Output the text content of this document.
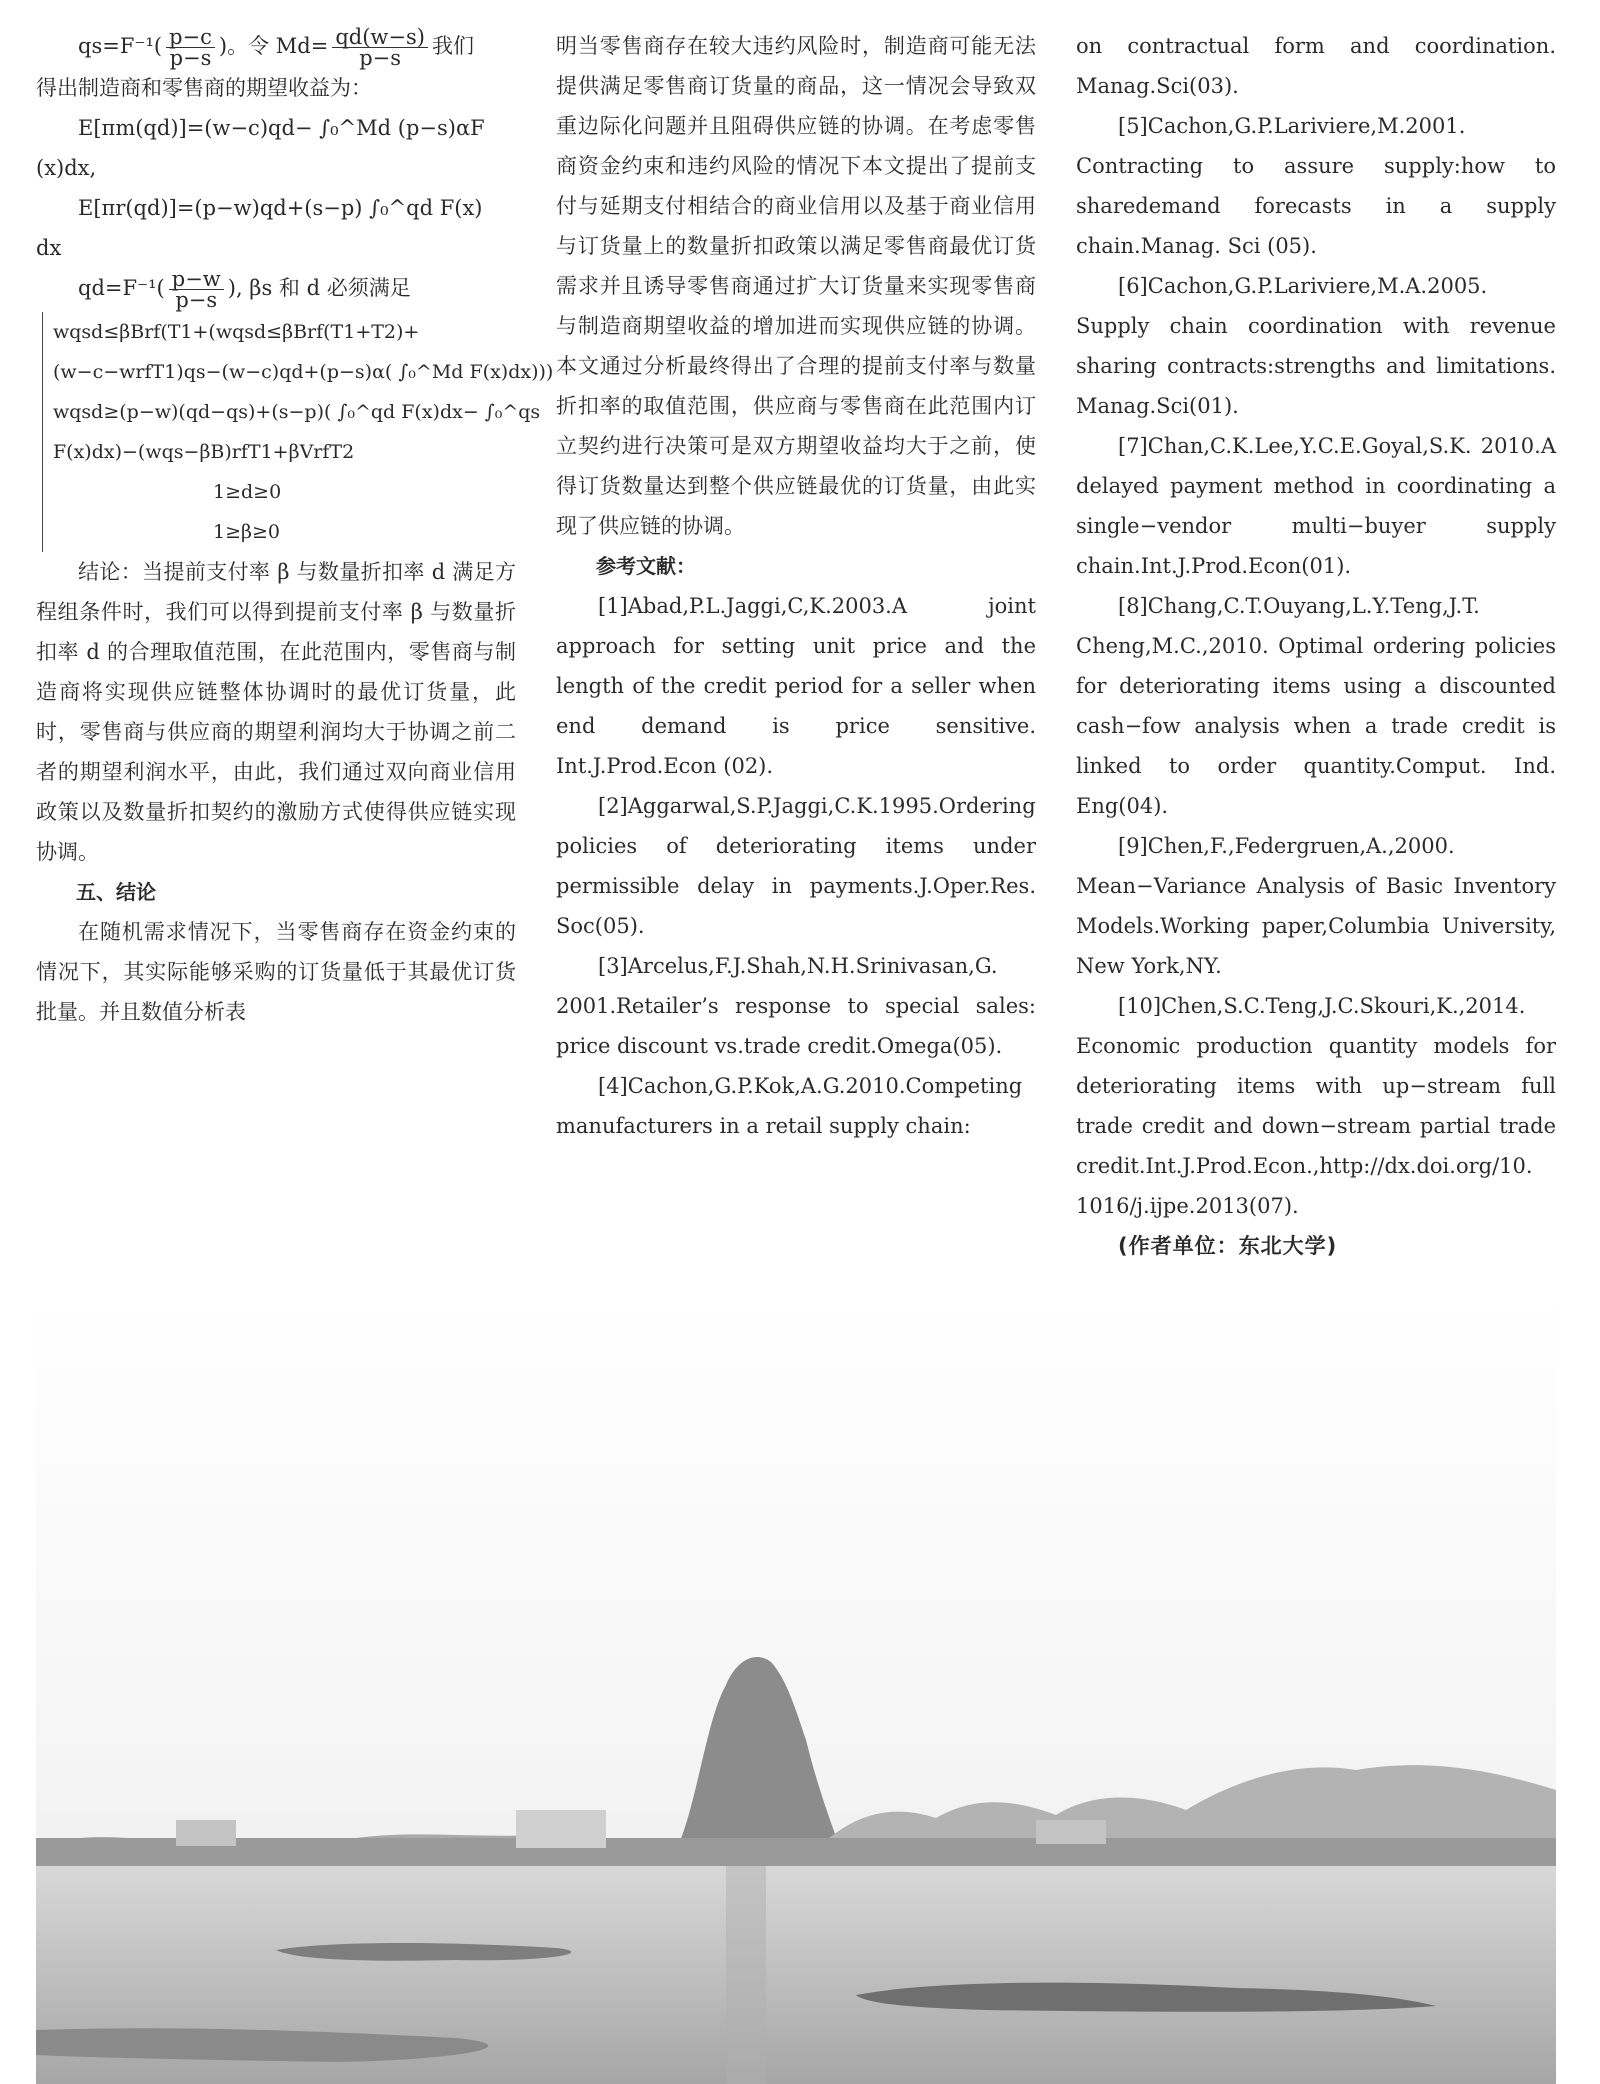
$qs=F^{-1}( \frac{p-c}{p-s}$ )。令 $Md= \frac{qd(w-s)}{p-s}$ 我们

得出制造商和零售商的期望收益为：

E[πm(qd)]=(w−c)qd− ∫₀^Md (p−s)αF

(x)dx,

E[πr(qd)]=(p−w)qd+(s−p) ∫₀^qd F(x)

dx

$qd=F^{-1}( \frac{p-w}{p-s}$ ), βs 和 d 必须满足

wqsd≤βBrf(T1+(wqsd≤βBrf(T1+T2)+

(w−c−wrfT1)qs−(w−c)qd+(p−s)α( ∫₀^Md F(x)dx)))

wqsd≥(p−w)(qd−qs)+(s−p)( ∫₀^qd F(x)dx− ∫₀^qs

F(x)dx)−(wqs−βB)rfT1+βVrfT2

1≥d≥0

1≥β≥0

结论：当提前支付率 β 与数量折扣率 d 满足方程组条件时，我们可以得到提前支付率 β 与数量折扣率 d 的合理取值范围，在此范围内，零售商与制造商将实现供应链整体协调时的最优订货量，此时，零售商与供应商的期望利润均大于协调之前二者的期望利润水平，由此，我们通过双向商业信用政策以及数量折扣契约的激励方式使得供应链实现协调。

五、结论

在随机需求情况下，当零售商存在资金约束的情况下，其实际能够采购的订货量低于其最优订货批量。并且数值分析表

明当零售商存在较大违约风险时，制造商可能无法提供满足零售商订货量的商品，这一情况会导致双重边际化问题并且阻碍供应链的协调。在考虑零售商资金约束和违约风险的情况下本文提出了提前支付与延期支付相结合的商业信用以及基于商业信用与订货量上的数量折扣政策以满足零售商最优订货需求并且诱导零售商通过扩大订货量来实现零售商与制造商期望收益的增加进而实现供应链的协调。本文通过分析最终得出了合理的提前支付率与数量折扣率的取值范围，供应商与零售商在此范围内订立契约进行决策可是双方期望收益均大于之前，使得订货数量达到整个供应链最优的订货量，由此实现了供应链的协调。

参考文献：

[1]Abad,P.L.Jaggi,C,K.2003.A joint approach for setting unit price and the length of the credit period for a seller when end demand is price sensitive. Int.J.Prod.Econ (02).

[2]Aggarwal,S.P.Jaggi,C.K.1995.Ordering policies of deteriorating items under permissible delay in payments.J.Oper.Res. Soc(05).

[3]Arcelus,F.J.Shah,N.H.Srinivasan,G. 2001.Retailer’s response to special sales: price discount vs.trade credit.Omega(05).

[4]Cachon,G.P.Kok,A.G.2010.Competing manufacturers in a retail supply chain:

on contractual form and coordination. Manag.Sci(03).

[5]Cachon,G.P.Lariviere,M.2001. Contracting to assure supply:how to sharedemand forecasts in a supply chain.Manag. Sci (05).

[6]Cachon,G.P.Lariviere,M.A.2005. Supply chain coordination with revenue sharing contracts:strengths and limitations. Manag.Sci(01).

[7]Chan,C.K.Lee,Y.C.E.Goyal,S.K. 2010.A delayed payment method in coordinating a single−vendor multi−buyer supply chain.Int.J.Prod.Econ(01).

[8]Chang,C.T.Ouyang,L.Y.Teng,J.T. Cheng,M.C.,2010. Optimal ordering policies for deteriorating items using a discounted cash−fow analysis when a trade credit is linked to order quantity.Comput. Ind. Eng(04).

[9]Chen,F.,Federgruen,A.,2000. Mean−Variance Analysis of Basic Inventory Models.Working paper,Columbia University, New York,NY.

[10]Chen,S.C.Teng,J.C.Skouri,K.,2014. Economic production quantity models for deteriorating items with up−stream full trade credit and down−stream partial trade credit.Int.J.Prod.Econ.,http://dx.doi.org/10. 1016/j.ijpe.2013(07).

(作者单位：东北大学)
